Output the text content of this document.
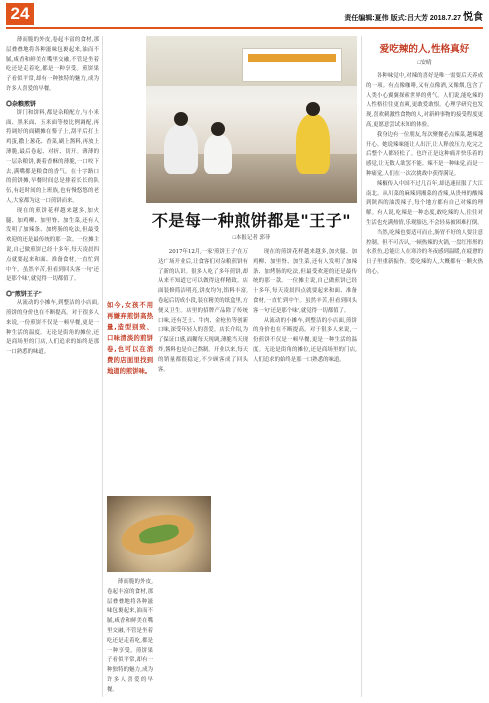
24	责任编辑:夏伟 版式:吕大芳 2018.7.27 悦食

薄而脆的外皮,卷起丰富的食材,那层叠叠地将各种滋味包裹起来,油而不腻,咸香和鲜美在嘴里交融,不管是坐着吃还是走着吃,都是一种享受。煎饼果子看似平常,却有一种独特的魅力,成为许多人喜爱的早餐。

◎杂粮煎饼

饼门和饼料,都是杂粮配方,与小米面、黑米面、玉米面等按比例调配,再将调好的面糊摊在鏊子上,刮平后打上鸡蛋,撒上葱花、香菜,刷上酱料,再放上薄脆,最后卷起、对折、切开。薄薄的一层杂粮饼,裹着香酥的薄脆,一口咬下去,满嘴都是粮食的香气。在十字路口的煎饼摊,早餐时间总是排着长长的队伍,有赶时间的上班族,也有慢悠悠的老人,大家都为这一口煎饼而来。

现在的煎饼花样越来越多,加火腿、加鸡柳、加里脊、加生菜,还有人发明了加辣条、加烤肠的吃法,但最受欢迎的还是最传统的那一款。一位摊主说,自己做煎饼已经十多年,每天凌晨四点就要起来和面、准备食材,一直忙到中午。虽然辛苦,但看到回头客一句'还是那个味',就觉得一切都值了。

◎"煎饼王子"

从流动的小摊车,到整洁的小店面,煎饼的身价也在不断提高。对于很多人来说,一份煎饼不仅是一顿早餐,更是一种生活的温度。无论是街角的摊位,还是商场里的门店,人们追求的始终是那一口熟悉的味道。

不是每一种煎饼都是"王子"
□本报记者 郭菲
如今,女孩不用再嫌弃煎饼高热量,造型别致、口味清淡的煎饼卷,也可以在消费的店面里找到地道的煎饼味。

2017年12月,一家'煎饼王子'在万达广场开业后,让食客们对杂粮煎饼有了新的认识。很多人吃了多年煎饼,却从来不知道它可以做得这样精致。店面装修简洁明亮,饼皮均匀,馅料丰富,卷起后切成小段,装在精美的纸盒里,方便又卫生。店里的招牌产品除了传统口味,还有芝士、牛肉、金枪鱼等创新口味,深受年轻人的喜爱。店长介绍,为了保证口感,面糊每天现调,薄脆当天现炸,酱料也是自己熬制。开业以来,每天的销量都很稳定,不少顾客成了回头客。

现在的煎饼花样越来越多,加火腿、加鸡柳、加里脊、加生菜,还有人发明了加辣条、加烤肠的吃法,但最受欢迎的还是最传统的那一款。一位摊主说,自己做煎饼已经十多年,每天凌晨四点就要起来和面、准备食材,一直忙到中午。虽然辛苦,但看到回头客一句'还是那个味',就觉得一切都值了。

从流动的小摊车,到整洁的小店面,煎饼的身价也在不断提高。对于很多人来说,一份煎饼不仅是一顿早餐,更是一种生活的温度。无论是街角的摊位,还是商场里的门店,人们追求的始终是那一口熟悉的味道。

薄而脆的外皮,卷起丰富的食材,那层叠叠地将各种滋味包裹起来,油而不腻,咸香和鲜美在嘴里交融,不管是坐着吃还是走着吃,都是一种享受。煎饼果子看似平常,却有一种独特的魅力,成为许多人喜爱的早餐。

爱吃辣的人,性格真好
□安晴

各种味觉中,对辣的喜好是唯一需要后天养成的一项。有点像咖啡,又有点像酒,又像烟,包含了人类小心翼翼探索世界的勇气。人们说,能吃辣的人性格往往更直爽,更敢爱敢恨。心理学研究也发现,喜欢刺激性食物的人,对新鲜事物的接受程度更高,更愿意尝试未知的体验。

我身边有一位朋友,每次聚餐必点辣菜,越辣越开心。她说辣味能让人出汗,让人释放压力,吃完之后整个人都轻松了。也许正是这种痛并快乐着的感觉,让无数人欲罢不能。辣不是一种味觉,而是一种痛觉,人们在一次次挑战中获得满足。

辣椒传入中国不过几百年,却迅速征服了大江南北。从川菜的麻辣到湘菜的香辣,从贵州的酸辣到陕西的油泼辣子,每个地方都有自己对辣的理解。有人说,吃辣是一种态度,敢吃辣的人,往往对生活也充满热情,乐观豁达,不会轻易被困难打倒。

当然,吃辣也要适可而止,肠胃不好的人要注意控制。但不可否认,一顿热辣的火锅,一盘红彤彤的水煮鱼,总能让人在寒冷的冬夜感到温暖,在疲惫的日子里重新振作。爱吃辣的人,大概都有一颗火热的心。
